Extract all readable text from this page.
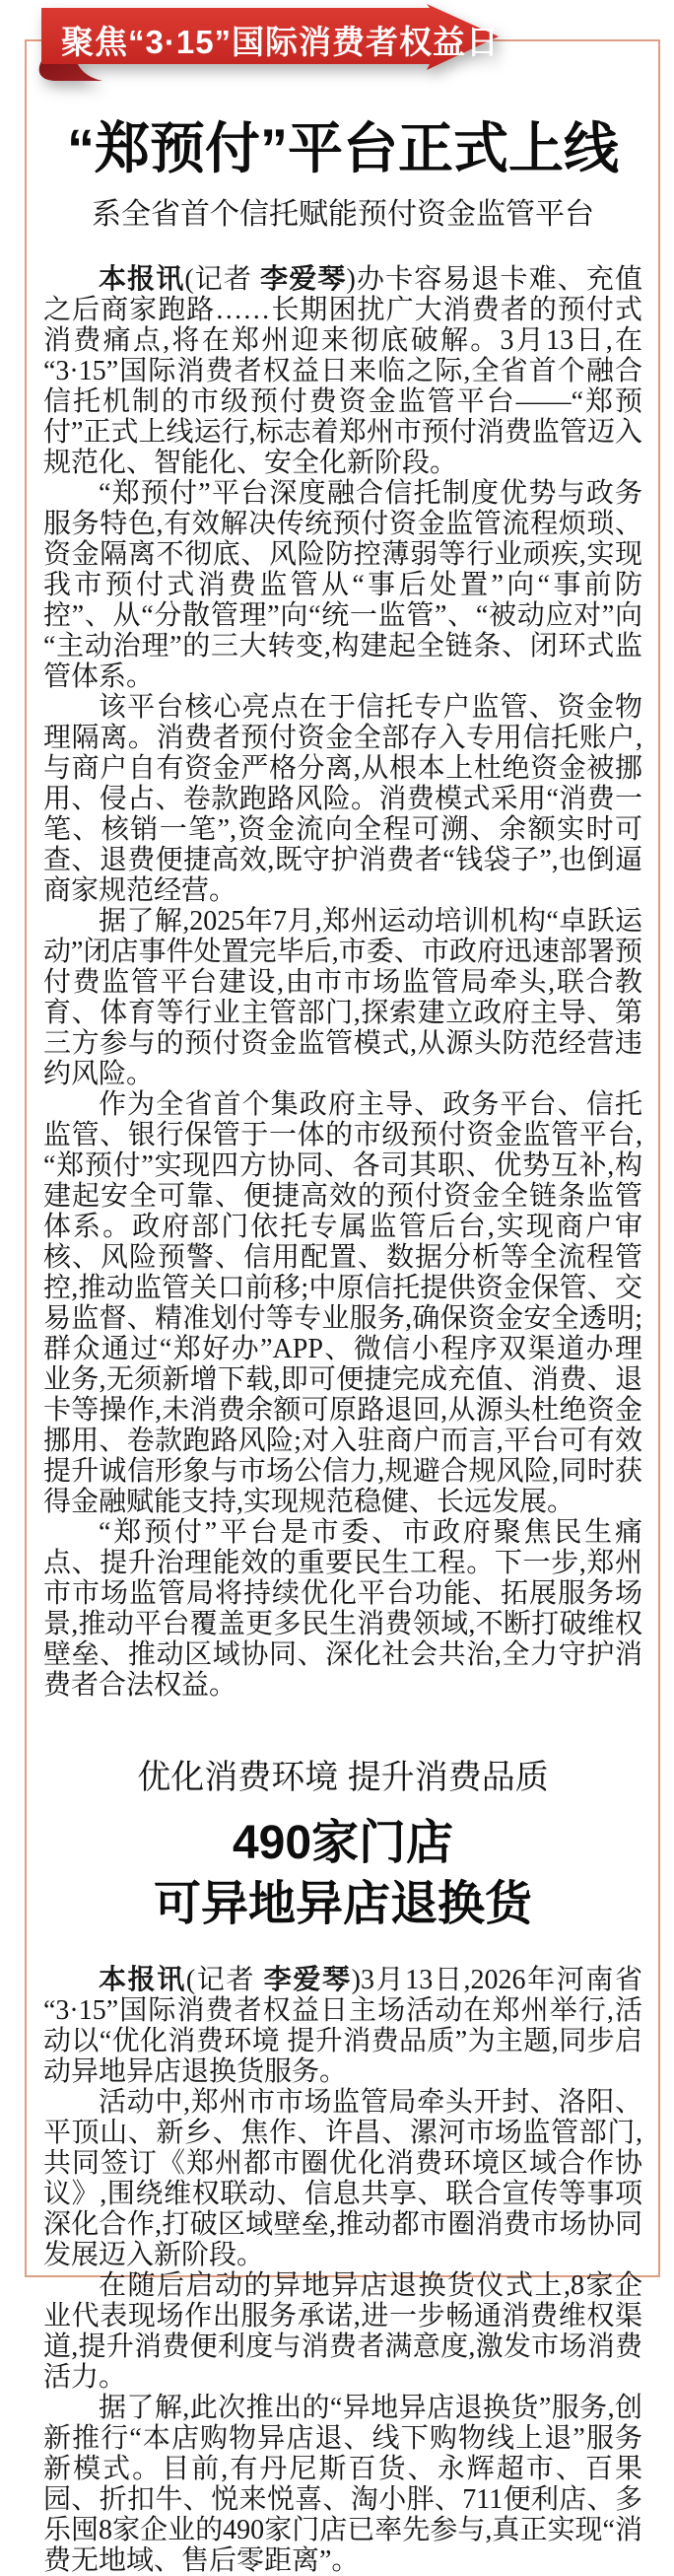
“郑预付”平台正式上线
系全省首个信托赋能预付资金监管平台

本报讯(记者 李爱琴)办卡容易退卡难、充值之后商家跑路……长期困扰广大消费者的预付式消费痛点,将在郑州迎来彻底破解。3月13日,在“3·15”国际消费者权益日来临之际,全省首个融合信托机制的市级预付费资金监管平台——“郑预付”正式上线运行,标志着郑州市预付消费监管迈入规范化、智能化、安全化新阶段。

“郑预付”平台深度融合信托制度优势与政务服务特色,有效解决传统预付资金监管流程烦琐、资金隔离不彻底、风险防控薄弱等行业顽疾,实现我市预付式消费监管从“事后处置”向“事前防控”、从“分散管理”向“统一监管”、“被动应对”向“主动治理”的三大转变,构建起全链条、闭环式监管体系。

该平台核心亮点在于信托专户监管、资金物理隔离。消费者预付资金全部存入专用信托账户,与商户自有资金严格分离,从根本上杜绝资金被挪用、侵占、卷款跑路风险。消费模式采用“消费一笔、核销一笔”,资金流向全程可溯、余额实时可查、退费便捷高效,既守护消费者“钱袋子”,也倒逼商家规范经营。

据了解,2025年7月,郑州运动培训机构“卓跃运动”闭店事件处置完毕后,市委、市政府迅速部署预付费监管平台建设,由市市场监管局牵头,联合教育、体育等行业主管部门,探索建立政府主导、第三方参与的预付资金监管模式,从源头防范经营违约风险。

作为全省首个集政府主导、政务平台、信托监管、银行保管于一体的市级预付资金监管平台,“郑预付”实现四方协同、各司其职、优势互补,构建起安全可靠、便捷高效的预付资金全链条监管体系。政府部门依托专属监管后台,实现商户审核、风险预警、信用配置、数据分析等全流程管控,推动监管关口前移;中原信托提供资金保管、交易监督、精准划付等专业服务,确保资金安全透明;群众通过“郑好办”APP、微信小程序双渠道办理业务,无须新增下载,即可便捷完成充值、消费、退卡等操作,未消费余额可原路退回,从源头杜绝资金挪用、卷款跑路风险;对入驻商户而言,平台可有效提升诚信形象与市场公信力,规避合规风险,同时获得金融赋能支持,实现规范稳健、长远发展。

“郑预付”平台是市委、市政府聚焦民生痛点、提升治理能效的重要民生工程。下一步,郑州市市场监管局将持续优化平台功能、拓展服务场景,推动平台覆盖更多民生消费领域,不断打破维权壁垒、推动区域协同、深化社会共治,全力守护消费者合法权益。

优化消费环境 提升消费品质
490家门店
可异地异店退换货

本报讯(记者 李爱琴)3月13日,2026年河南省“3·15”国际消费者权益日主场活动在郑州举行,活动以“优化消费环境 提升消费品质”为主题,同步启动异地异店退换货服务。

活动中,郑州市市场监管局牵头开封、洛阳、平顶山、新乡、焦作、许昌、漯河市场监管部门,共同签订《郑州都市圈优化消费环境区域合作协议》,围绕维权联动、信息共享、联合宣传等事项深化合作,打破区域壁垒,推动都市圈消费市场协同发展迈入新阶段。

在随后启动的异地异店退换货仪式上,8家企业代表现场作出服务承诺,进一步畅通消费维权渠道,提升消费便利度与消费者满意度,激发市场消费活力。

据了解,此次推出的“异地异店退换货”服务,创新推行“本店购物异店退、线下购物线上退”服务新模式。目前,有丹尼斯百货、永辉超市、百果园、折扣牛、悦来悦喜、淘小胖、711便利店、多乐囤8家企业的490家门店已率先参与,真正实现“消费无地域、售后零距离”。

聚焦“3·15”国际消费者权益日
